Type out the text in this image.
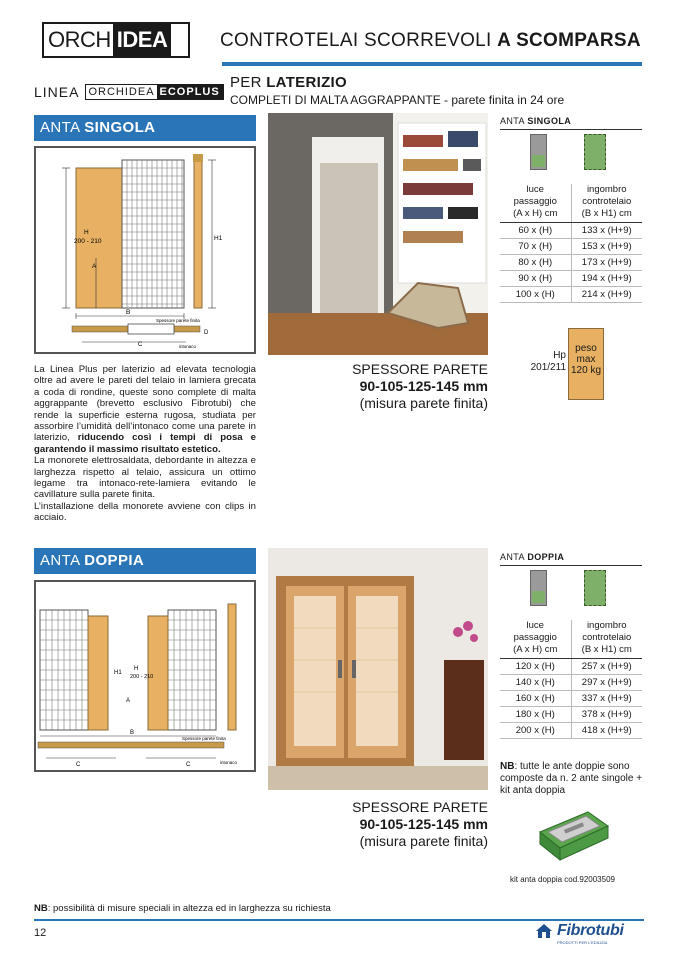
ORCH IDEA	CONTROTELAI SCORREVOLI A SCOMPARSA
LINEA ORCHIDEA ECOPLUS
PER LATERIZIO
COMPLETI DI MALTA AGGRAPPANTE - parete finita in 24 ore
ANTA SINGOLA
H
200 - 210
A
H1
B
Spessore parete finita
D
C	intonaco
La Linea Plus per laterizio ad elevata tecnologia oltre ad avere le pareti del telaio in lamiera grecata a coda di rondine, queste sono complete di malta aggrappante (brevetto esclusivo Fibrotubi) che rende la superficie esterna rugosa, studiata per assorbire l’umidità dell’intonaco come una parete in laterizio, riducendo così i tempi di posa e garantendo il massimo risultato estetico.
La monorete elettrosaldata, debordante in altezza e larghezza rispetto al telaio, assicura un ottimo legame tra intonaco-rete-lamiera evitando le cavillature sulla parete finita.
L’installazione della monorete avviene con clips in acciaio.
SPESSORE PARETE
90-105-125-145 mm
(misura parete finita)
ANTA SINGOLA
luce
passaggio
(A x H) cm
ingombro
controtelaio
(B x H1) cm
60 x (H)	133 x (H+9)
70 x (H)	153 x (H+9)
80 x (H)	173 x (H+9)
90 x (H)	194 x (H+9)
100 x (H)	214 x (H+9)
Hp
201/211
peso
max
120 kg
ANTA DOPPIA
H1
H
200 - 210
A
B
Spessore parete finita
C	C	intonaco
SPESSORE PARETE
90-105-125-145 mm
(misura parete finita)
ANTA DOPPIA
luce
passaggio
(A x H) cm
ingombro
controtelaio
(B x H1) cm
120 x (H)	257 x (H+9)
140 x (H)	297 x (H+9)
160 x (H)	337 x (H+9)
180 x (H)	378 x (H+9)
200 x (H)	418 x (H+9)
NB: tutte le ante doppie sono composte da n. 2 ante singole + kit anta doppia
kit anta doppia cod.92003509
NB: possibilità di misure speciali in altezza ed in larghezza su richiesta
12	Fibrotubi
PRODOTTI PER L'EDILIZIA
